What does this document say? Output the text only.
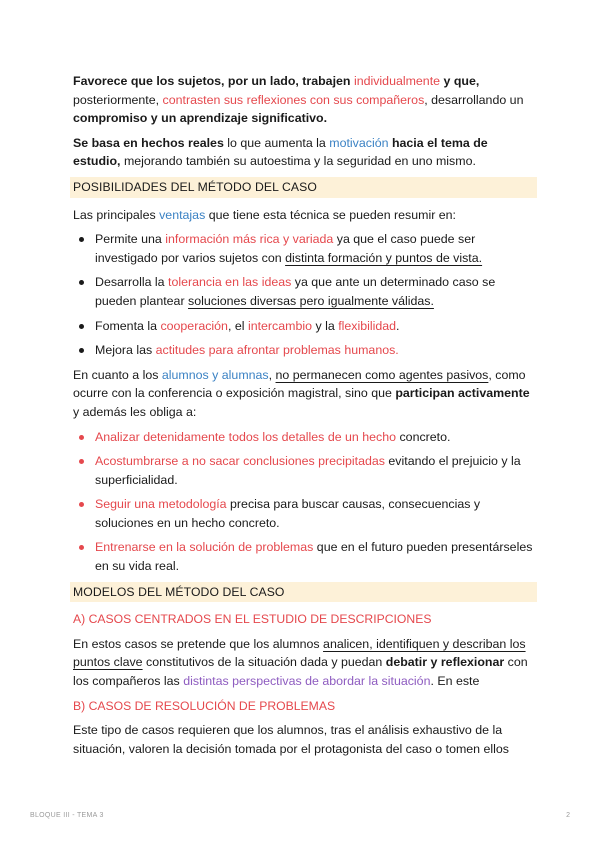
Favorece que los sujetos, por un lado, trabajen individualmente y que, posteriormente, contrasten sus reflexiones con sus compañeros, desarrollando un compromiso y un aprendizaje significativo.

Se basa en hechos reales lo que aumenta la motivación hacia el tema de estudio, mejorando también su autoestima y la seguridad en uno mismo.

POSIBILIDADES DEL MÉTODO DEL CASO

Las principales ventajas que tiene esta técnica se pueden resumir en:

Permite una información más rica y variada ya que el caso puede ser investigado por varios sujetos con distinta formación y puntos de vista.
Desarrolla la tolerancia en las ideas ya que ante un determinado caso se pueden plantear soluciones diversas pero igualmente válidas.
Fomenta la cooperación, el intercambio y la flexibilidad.
Mejora las actitudes para afrontar problemas humanos.

En cuanto a los alumnos y alumnas, no permanecen como agentes pasivos, como ocurre con la conferencia o exposición magistral, sino que participan activamente y además les obliga a:

Analizar detenidamente todos los detalles de un hecho concreto.
Acostumbrarse a no sacar conclusiones precipitadas evitando el prejuicio y la superficialidad.
Seguir una metodología precisa para buscar causas, consecuencias y soluciones en un hecho concreto.
Entrenarse en la solución de problemas que en el futuro pueden presentárseles en su vida real.
MODELOS DEL MÉTODO DEL CASO
A) CASOS CENTRADOS EN EL ESTUDIO DE DESCRIPCIONES

En estos casos se pretende que los alumnos analicen, identifiquen y describan los puntos clave constitutivos de la situación dada y puedan debatir y reflexionar con los compañeros las distintas perspectivas de abordar la situación. En este

B) CASOS DE RESOLUCIÓN DE PROBLEMAS

Este tipo de casos requieren que los alumnos, tras el análisis exhaustivo de la situación, valoren la decisión tomada por el protagonista del caso o tomen ellos

BLOQUE III - TEMA 3	2
